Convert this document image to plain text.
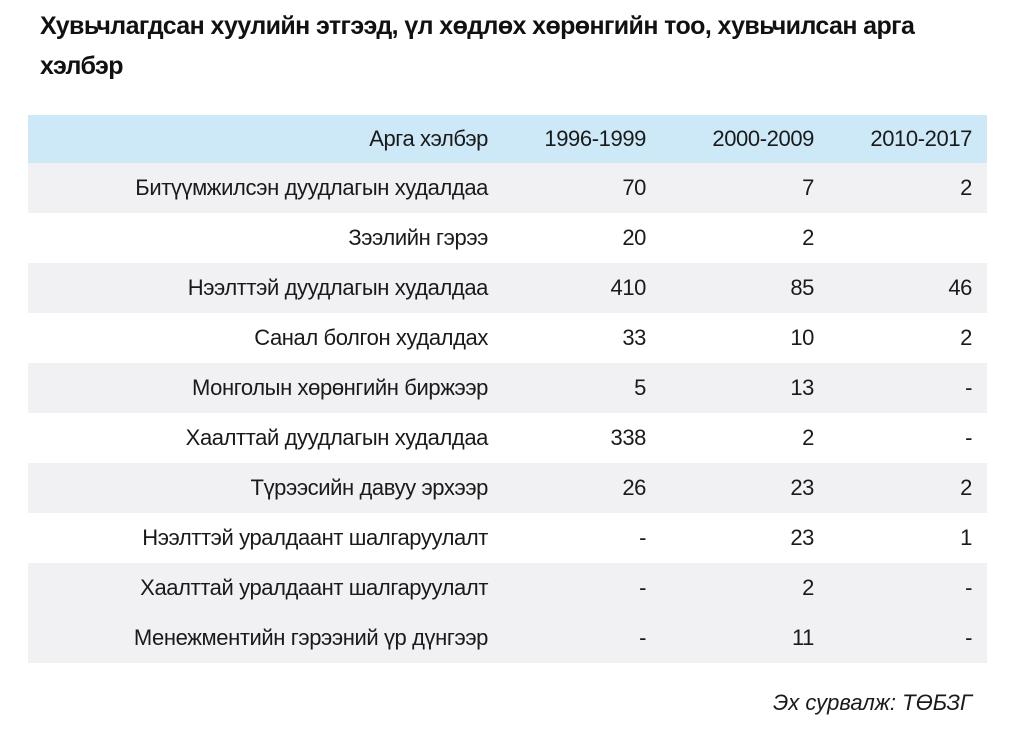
Хувьчлагдсан хуулийн этгээд, үл хөдлөх хөрөнгийн тоо, хувьчилсан арга хэлбэр
Арга хэлбэр	1996-1999	2000-2009	2010-2017
Битүүмжилсэн дуудлагын худалдаа	70	7	2
Зээлийн гэрээ	20	2
Нээлттэй дуудлагын худалдаа	410	85	46
Санал болгон худалдах	33	10	2
Монголын хөрөнгийн биржээр	5	13	-
Хаалттай дуудлагын худалдаа	338	2	-
Түрээсийн давуу эрхээр	26	23	2
Нээлттэй уралдаант шалгаруулалт	-	23	1
Хаалттай уралдаант шалгаруулалт	-	2	-
Менежментийн гэрээний үр дүнгээр	-	11	-
Эх сурвалж: ТӨБЗГ
